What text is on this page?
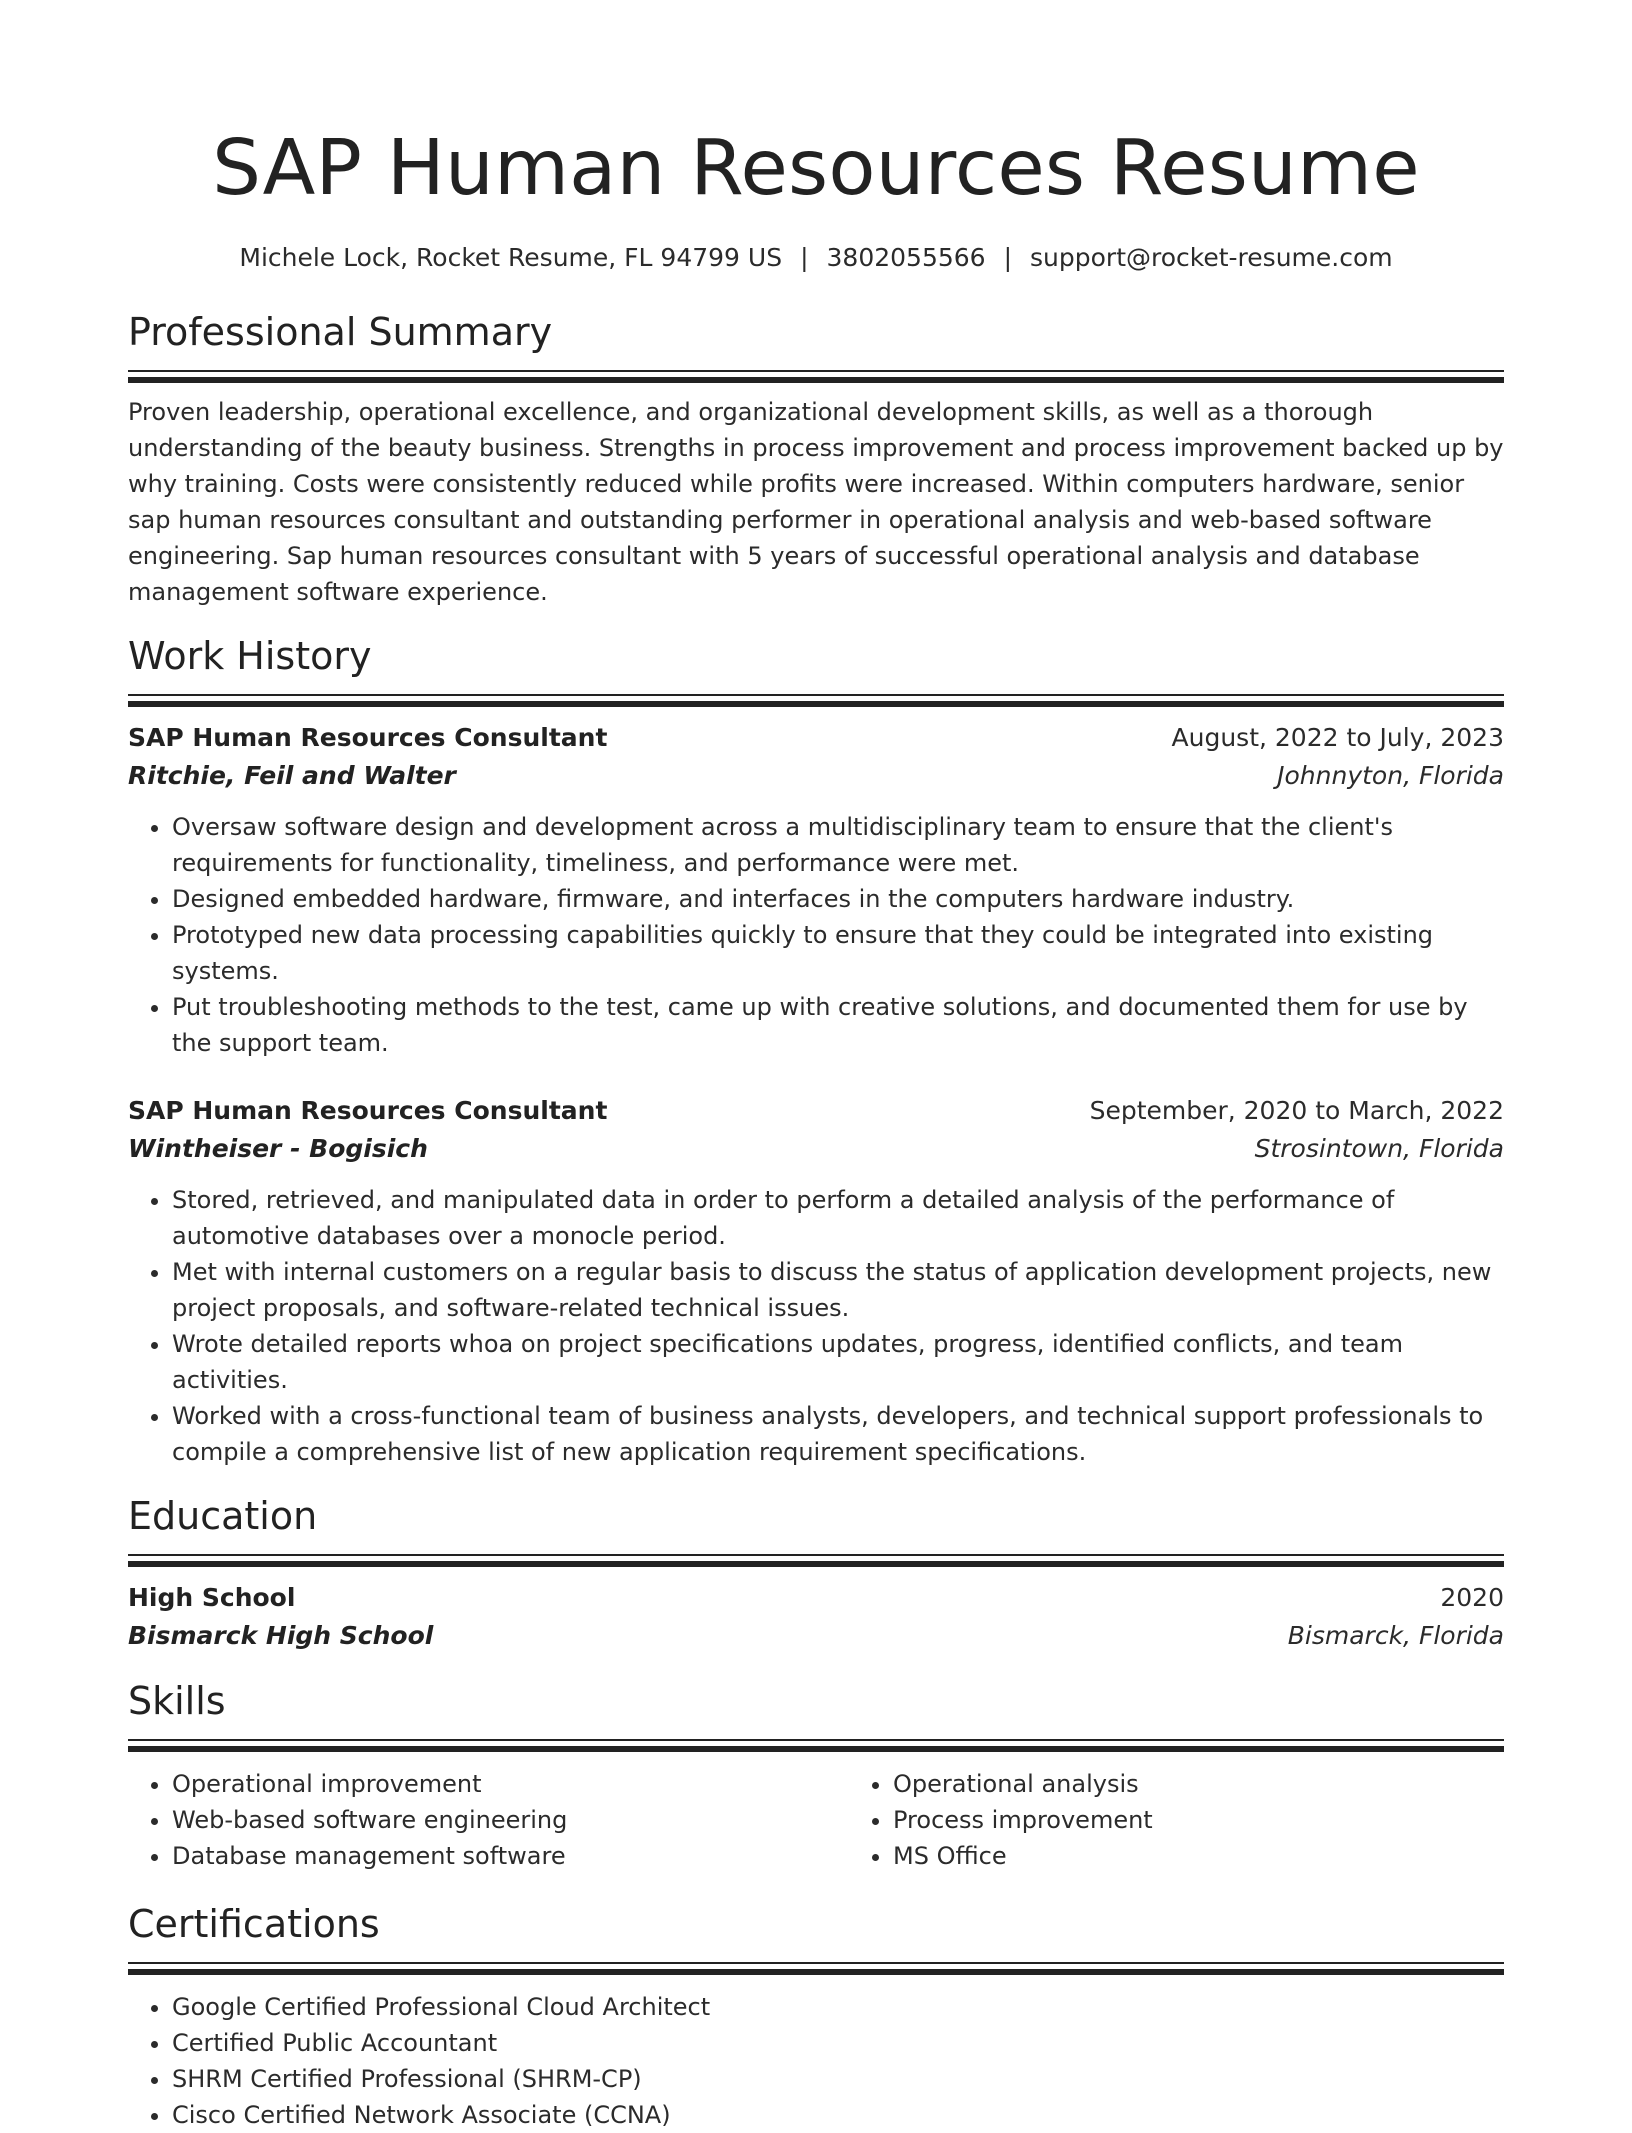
SAP Human Resources Resume
Michele Lock, Rocket Resume, FL 94799 US | 3802055566 | support@rocket-resume.com
Professional Summary

Proven leadership, operational excellence, and organizational development skills, as well as a thorough understanding of the beauty business. Strengths in process improvement and process improvement backed up by why training. Costs were consistently reduced while profits were increased. Within computers hardware, senior sap human resources consultant and outstanding performer in operational analysis and web-based software engineering. Sap human resources consultant with 5 years of successful operational analysis and database management software experience.

Work History
SAP Human Resources Consultant	August, 2022 to July, 2023
Ritchie, Feil and Walter	Johnnyton, Florida
• Oversaw software design and development across a multidisciplinary team to ensure that the client's requirements for functionality, timeliness, and performance were met.
• Designed embedded hardware, firmware, and interfaces in the computers hardware industry.
• Prototyped new data processing capabilities quickly to ensure that they could be integrated into existing systems.
• Put troubleshooting methods to the test, came up with creative solutions, and documented them for use by the support team.
SAP Human Resources Consultant	September, 2020 to March, 2022
Wintheiser - Bogisich	Strosintown, Florida
• Stored, retrieved, and manipulated data in order to perform a detailed analysis of the performance of automotive databases over a monocle period.
• Met with internal customers on a regular basis to discuss the status of application development projects, new project proposals, and software-related technical issues.
• Wrote detailed reports whoa on project specifications updates, progress, identified conflicts, and team activities.
• Worked with a cross-functional team of business analysts, developers, and technical support professionals to compile a comprehensive list of new application requirement specifications.
Education
High School	2020
Bismarck High School	Bismarck, Florida
Skills
• Operational improvement
• Web-based software engineering
• Database management software
• Operational analysis
• Process improvement
• MS Office
Certifications
• Google Certified Professional Cloud Architect
• Certified Public Accountant
• SHRM Certified Professional (SHRM-CP)
• Cisco Certified Network Associate (CCNA)
